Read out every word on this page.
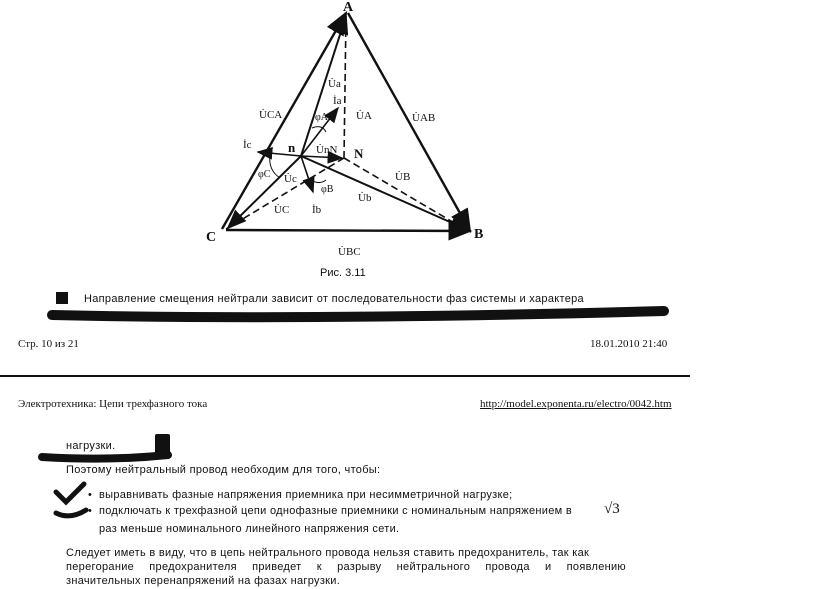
A
B
C
n	N
U̇CA	U̇AB
U̇BC
U̇a
İa
U̇A
φA
İc	U̇nN
φC U̇c
U̇C
φB
İb
U̇B
U̇b
Рис. 3.11
Направление смещения нейтрали зависит от последовательности фаз системы и характера
Стр. 10 из 21	18.01.2010 21:40
Электротехника: Цепи трехфазного тока	http://model.exponenta.ru/electro/0042.htm
нагрузки.
Поэтому нейтральный провод необходим для того, чтобы:
• выравнивать фазные напряжения приемника при несимметричной нагрузке;
• подключать к трехфазной цепи однофазные приемники с номинальным напряжением в √3
раз меньше номинального линейного напряжения сети.
Следует иметь в виду, что в цепь нейтрального провода нельзя ставить предохранитель, так как
перегорание предохранителя приведет к разрыву нейтрального провода и появлению
значительных перенапряжений на фазах нагрузки.
